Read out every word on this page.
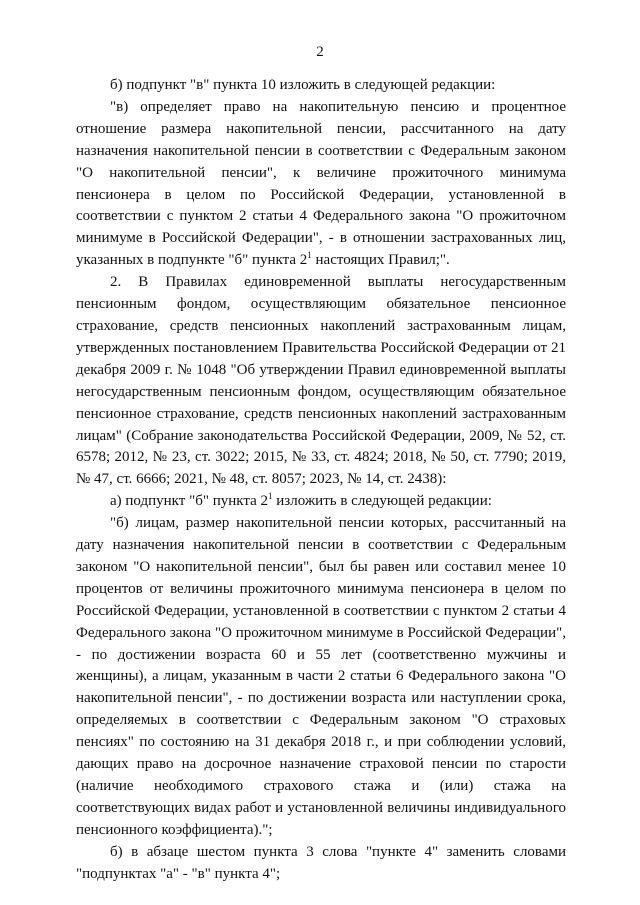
2

б) подпункт "в" пункта 10 изложить в следующей редакции:

"в) определяет право на накопительную пенсию и процентное отношение размера накопительной пенсии, рассчитанного на дату назначения накопительной пенсии в соответствии с Федеральным законом "О накопительной пенсии", к величине прожиточного минимума пенсионера в целом по Российской Федерации, установленной в соответствии с пунктом 2 статьи 4 Федерального закона "О прожиточном минимуме в Российской Федерации", - в отношении застрахованных лиц, указанных в подпункте "б" пункта $2^1$ настоящих Правил;".

2. В Правилах единовременной выплаты негосударственным пенсионным фондом, осуществляющим обязательное пенсионное страхование, средств пенсионных накоплений застрахованным лицам, утвержденных постановлением Правительства Российской Федерации от 21 декабря 2009 г. № 1048 "Об утверждении Правил единовременной выплаты негосударственным пенсионным фондом, осуществляющим обязательное пенсионное страхование, средств пенсионных накоплений застрахованным лицам" (Собрание законодательства Российской Федерации, 2009, № 52, ст. 6578; 2012, № 23, ст. 3022; 2015, № 33, ст. 4824; 2018, № 50, ст. 7790; 2019, № 47, ст. 6666; 2021, № 48, ст. 8057; 2023, № 14, ст. 2438):

а) подпункт "б" пункта $2^1$ изложить в следующей редакции:

"б) лицам, размер накопительной пенсии которых, рассчитанный на дату назначения накопительной пенсии в соответствии с Федеральным законом "О накопительной пенсии", был бы равен или составил менее 10 процентов от величины прожиточного минимума пенсионера в целом по Российской Федерации, установленной в соответствии с пунктом 2 статьи 4 Федерального закона "О прожиточном минимуме в Российской Федерации", - по достижении возраста 60 и 55 лет (соответственно мужчины и женщины), а лицам, указанным в части 2 статьи 6 Федерального закона "О накопительной пенсии", - по достижении возраста или наступлении срока, определяемых в соответствии с Федеральным законом "О страховых пенсиях" по состоянию на 31 декабря 2018 г., и при соблюдении условий, дающих право на досрочное назначение страховой пенсии по старости (наличие необходимого страхового стажа и (или) стажа на соответствующих видах работ и установленной величины индивидуального пенсионного коэффициента).";

б) в абзаце шестом пункта 3 слова "пункте 4" заменить словами "подпунктах "а" - "в" пункта 4";
